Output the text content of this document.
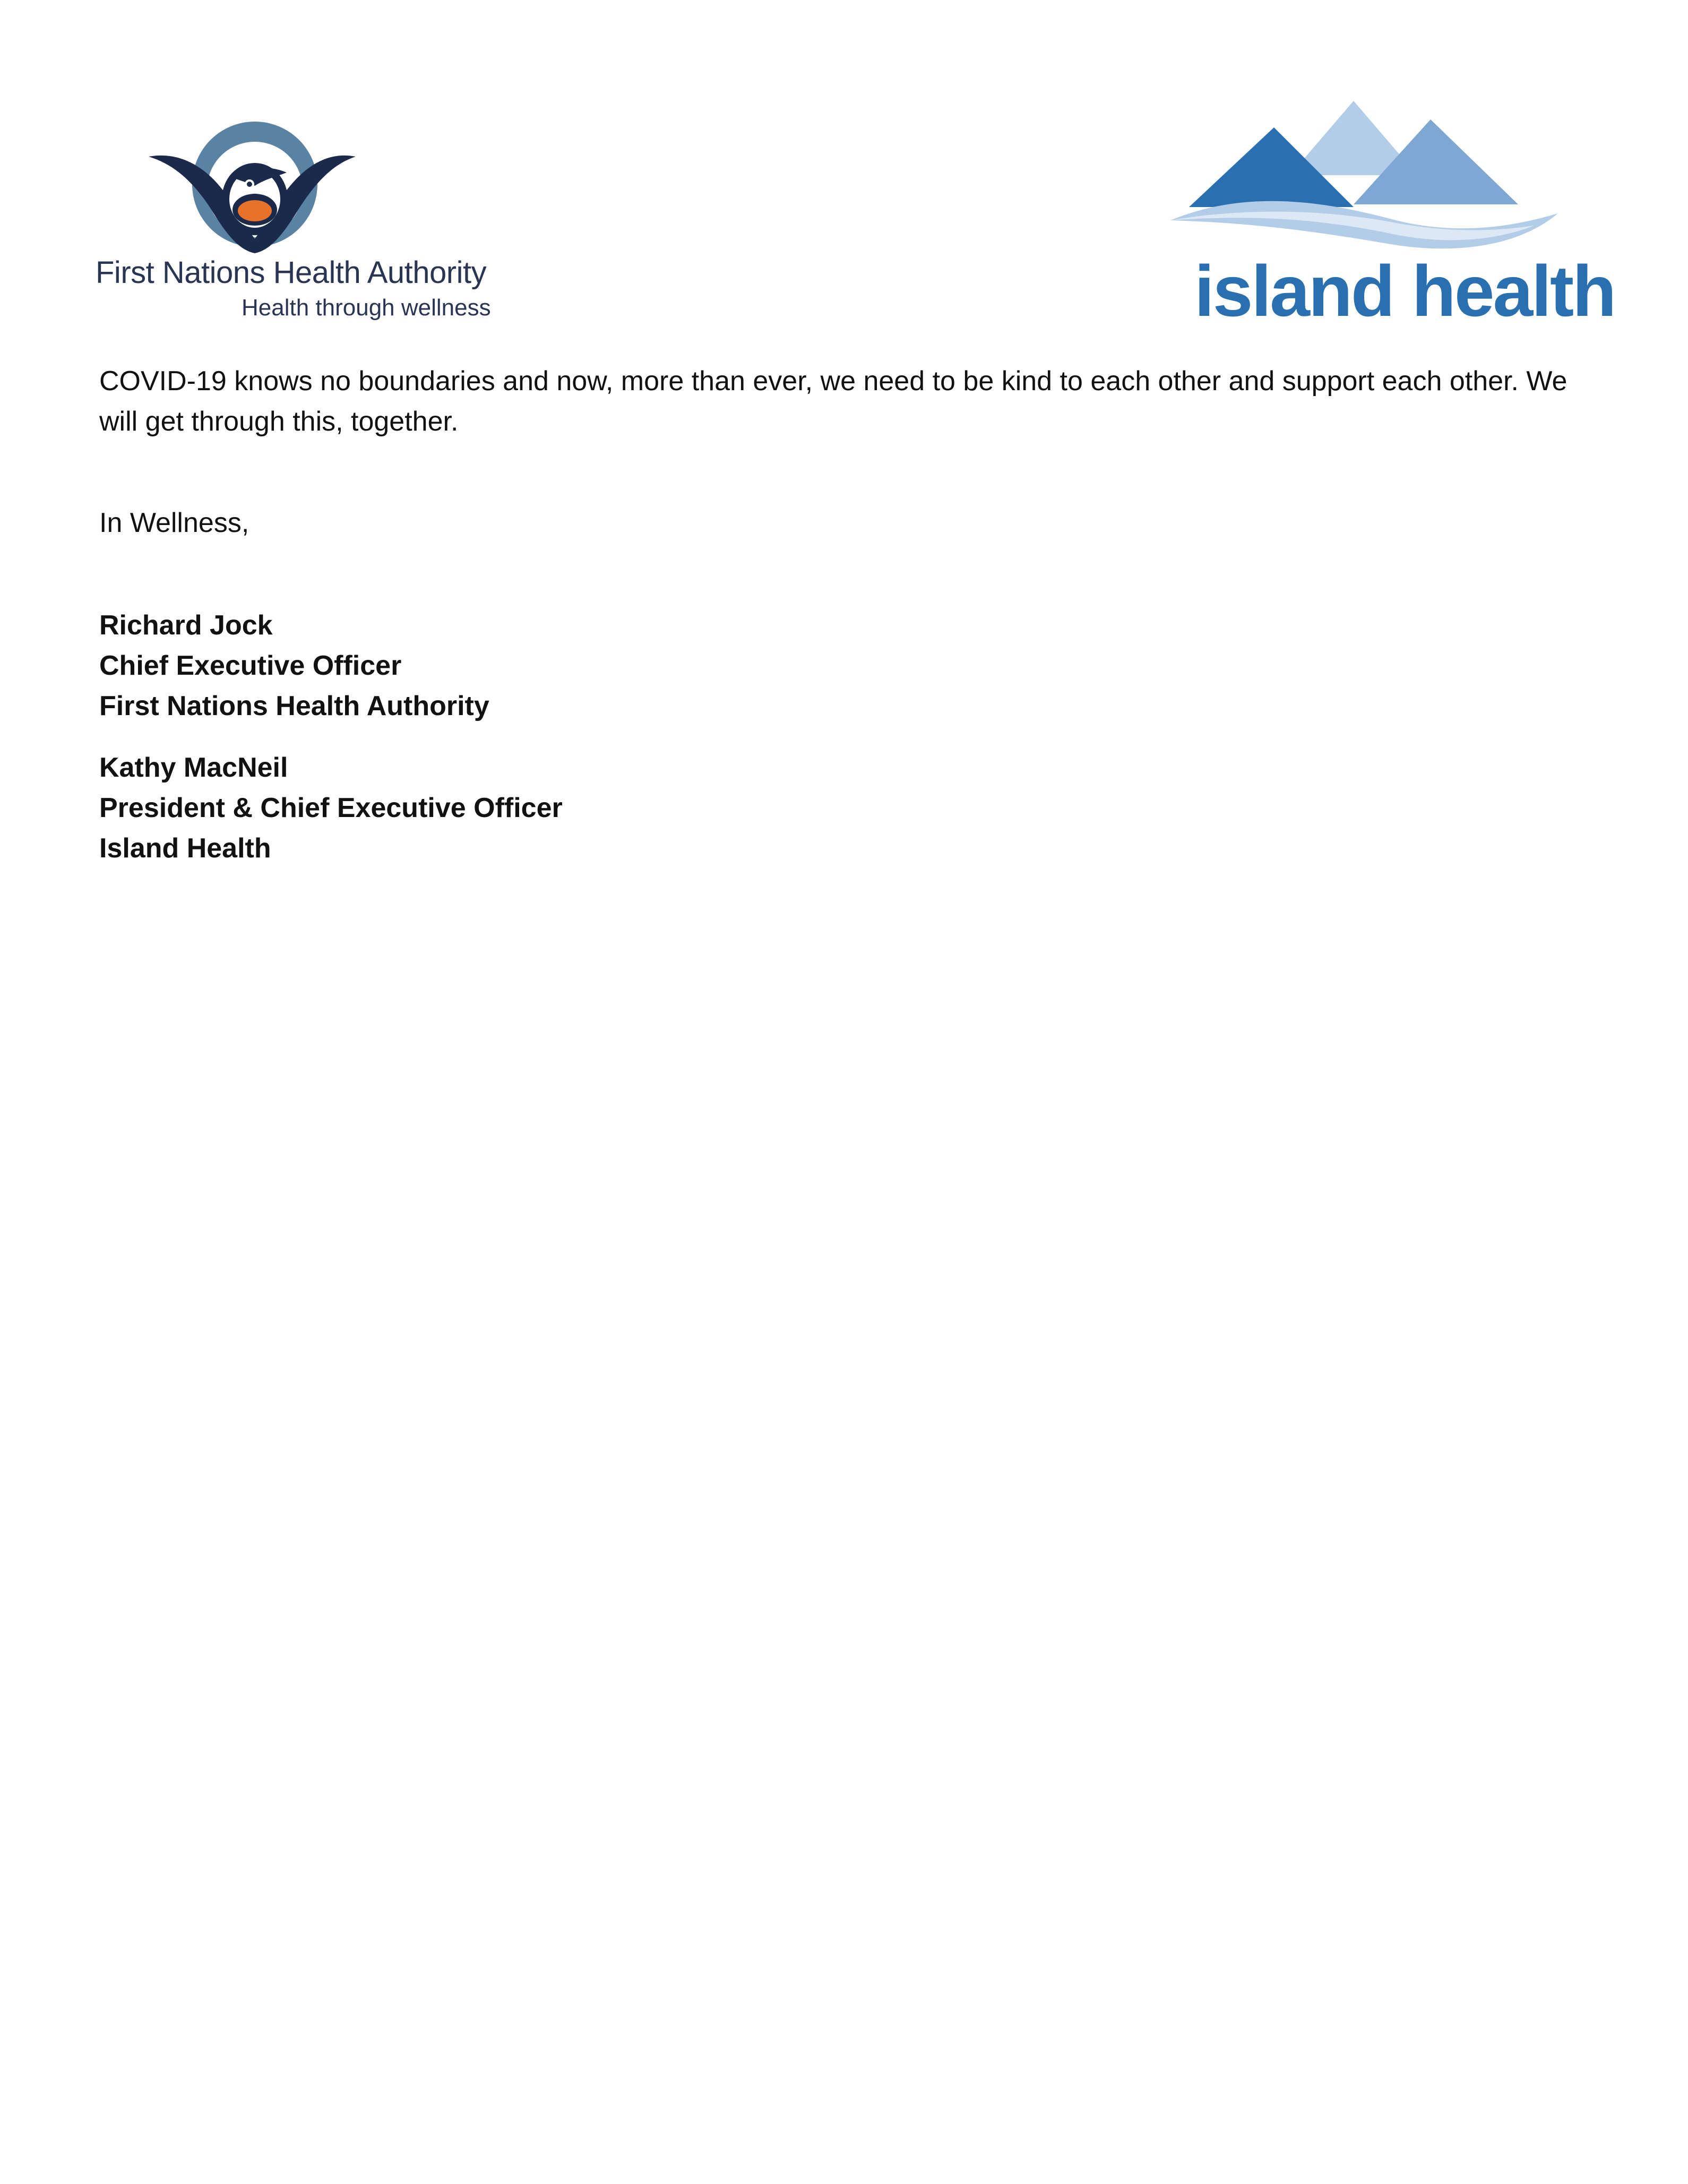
First Nations Health Authority
Health through wellness	island health

COVID-19 knows no boundaries and now, more than ever, we need to be kind to each other and support each other. We will get through this, together.

In Wellness,
Richard Jock
Chief Executive Officer
First Nations Health Authority
Kathy MacNeil
President & Chief Executive Officer
Island Health
